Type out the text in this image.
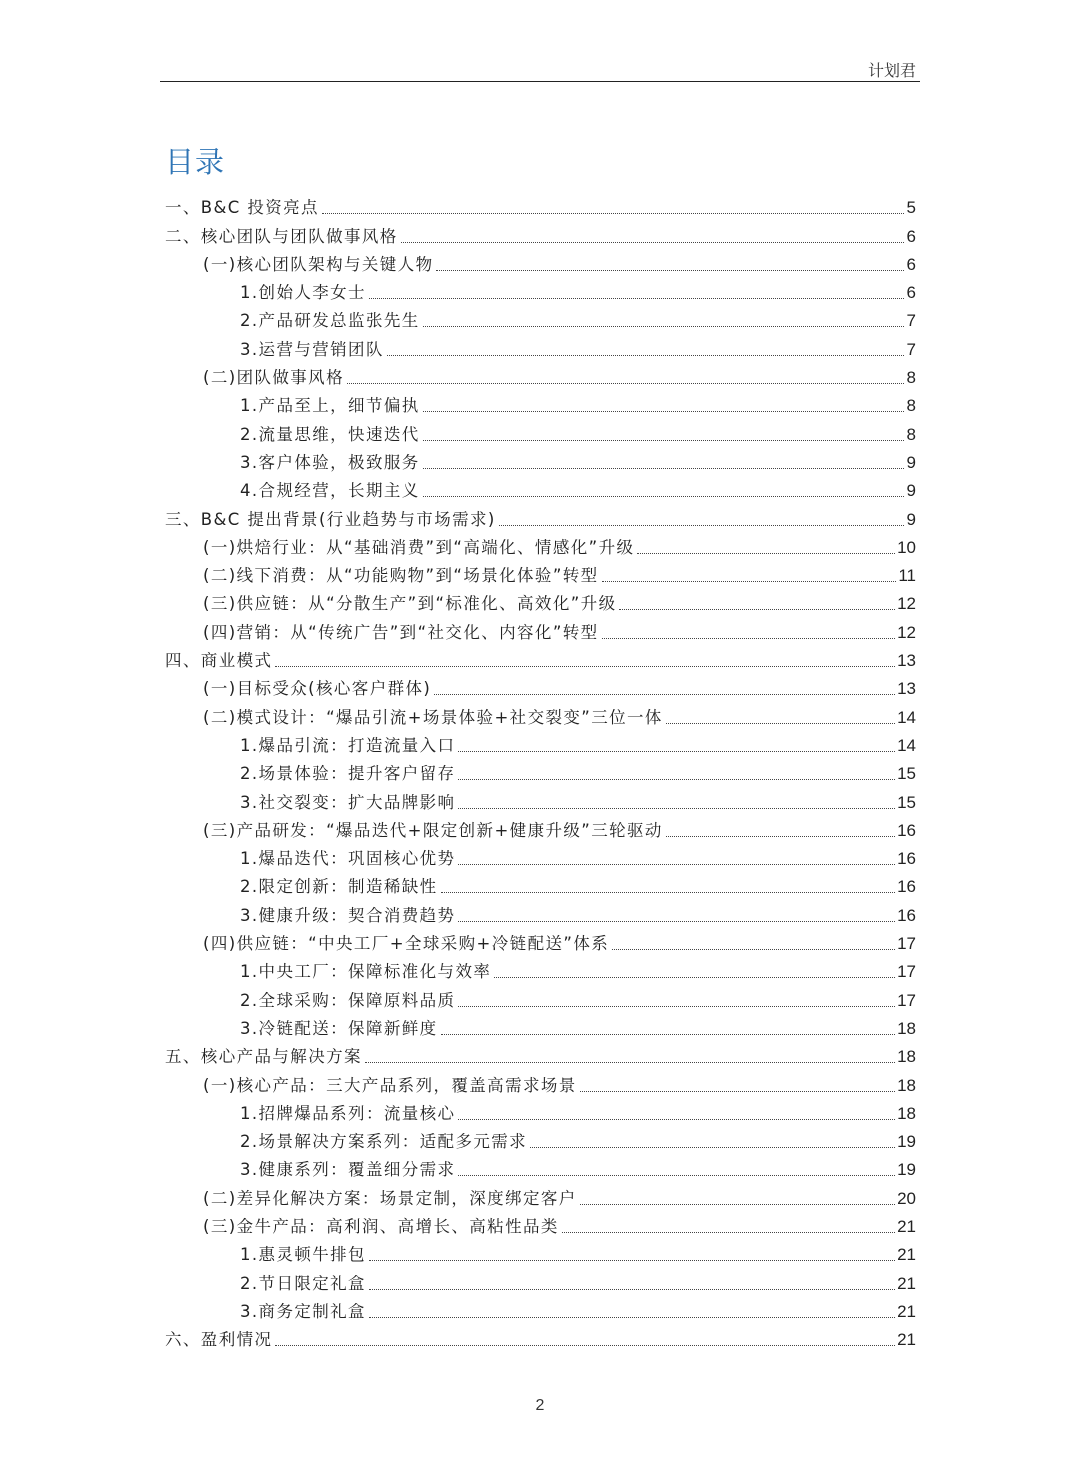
计划君
目录
一、B&C 投资亮点	5
二、核心团队与团队做事风格	6
(一)核心团队架构与关键人物	6
1.创始人李女士	6
2.产品研发总监张先生	7
3.运营与营销团队	7
(二)团队做事风格	8
1.产品至上，细节偏执	8
2.流量思维，快速迭代	8
3.客户体验，极致服务	9
4.合规经营，长期主义	9
三、B&C 提出背景(行业趋势与市场需求)	9
(一)烘焙行业：从“基础消费”到“高端化、情感化”升级	10
(二)线下消费：从“功能购物”到“场景化体验”转型	11
(三)供应链：从“分散生产”到“标准化、高效化”升级	12
(四)营销：从“传统广告”到“社交化、内容化”转型	12
四、商业模式	13
(一)目标受众(核心客户群体)	13
(二)模式设计：“爆品引流+场景体验+社交裂变”三位一体	14
1.爆品引流：打造流量入口	14
2.场景体验：提升客户留存	15
3.社交裂变：扩大品牌影响	15
(三)产品研发：“爆品迭代+限定创新+健康升级”三轮驱动	16
1.爆品迭代：巩固核心优势	16
2.限定创新：制造稀缺性	16
3.健康升级：契合消费趋势	16
(四)供应链：“中央工厂+全球采购+冷链配送”体系	17
1.中央工厂：保障标准化与效率	17
2.全球采购：保障原料品质	17
3.冷链配送：保障新鲜度	18
五、核心产品与解决方案	18
(一)核心产品：三大产品系列，覆盖高需求场景	18
1.招牌爆品系列：流量核心	18
2.场景解决方案系列：适配多元需求	19
3.健康系列：覆盖细分需求	19
(二)差异化解决方案：场景定制，深度绑定客户	20
(三)金牛产品：高利润、高增长、高粘性品类	21
1.惠灵顿牛排包	21
2.节日限定礼盒	21
3.商务定制礼盒	21
六、盈利情况	21
2
